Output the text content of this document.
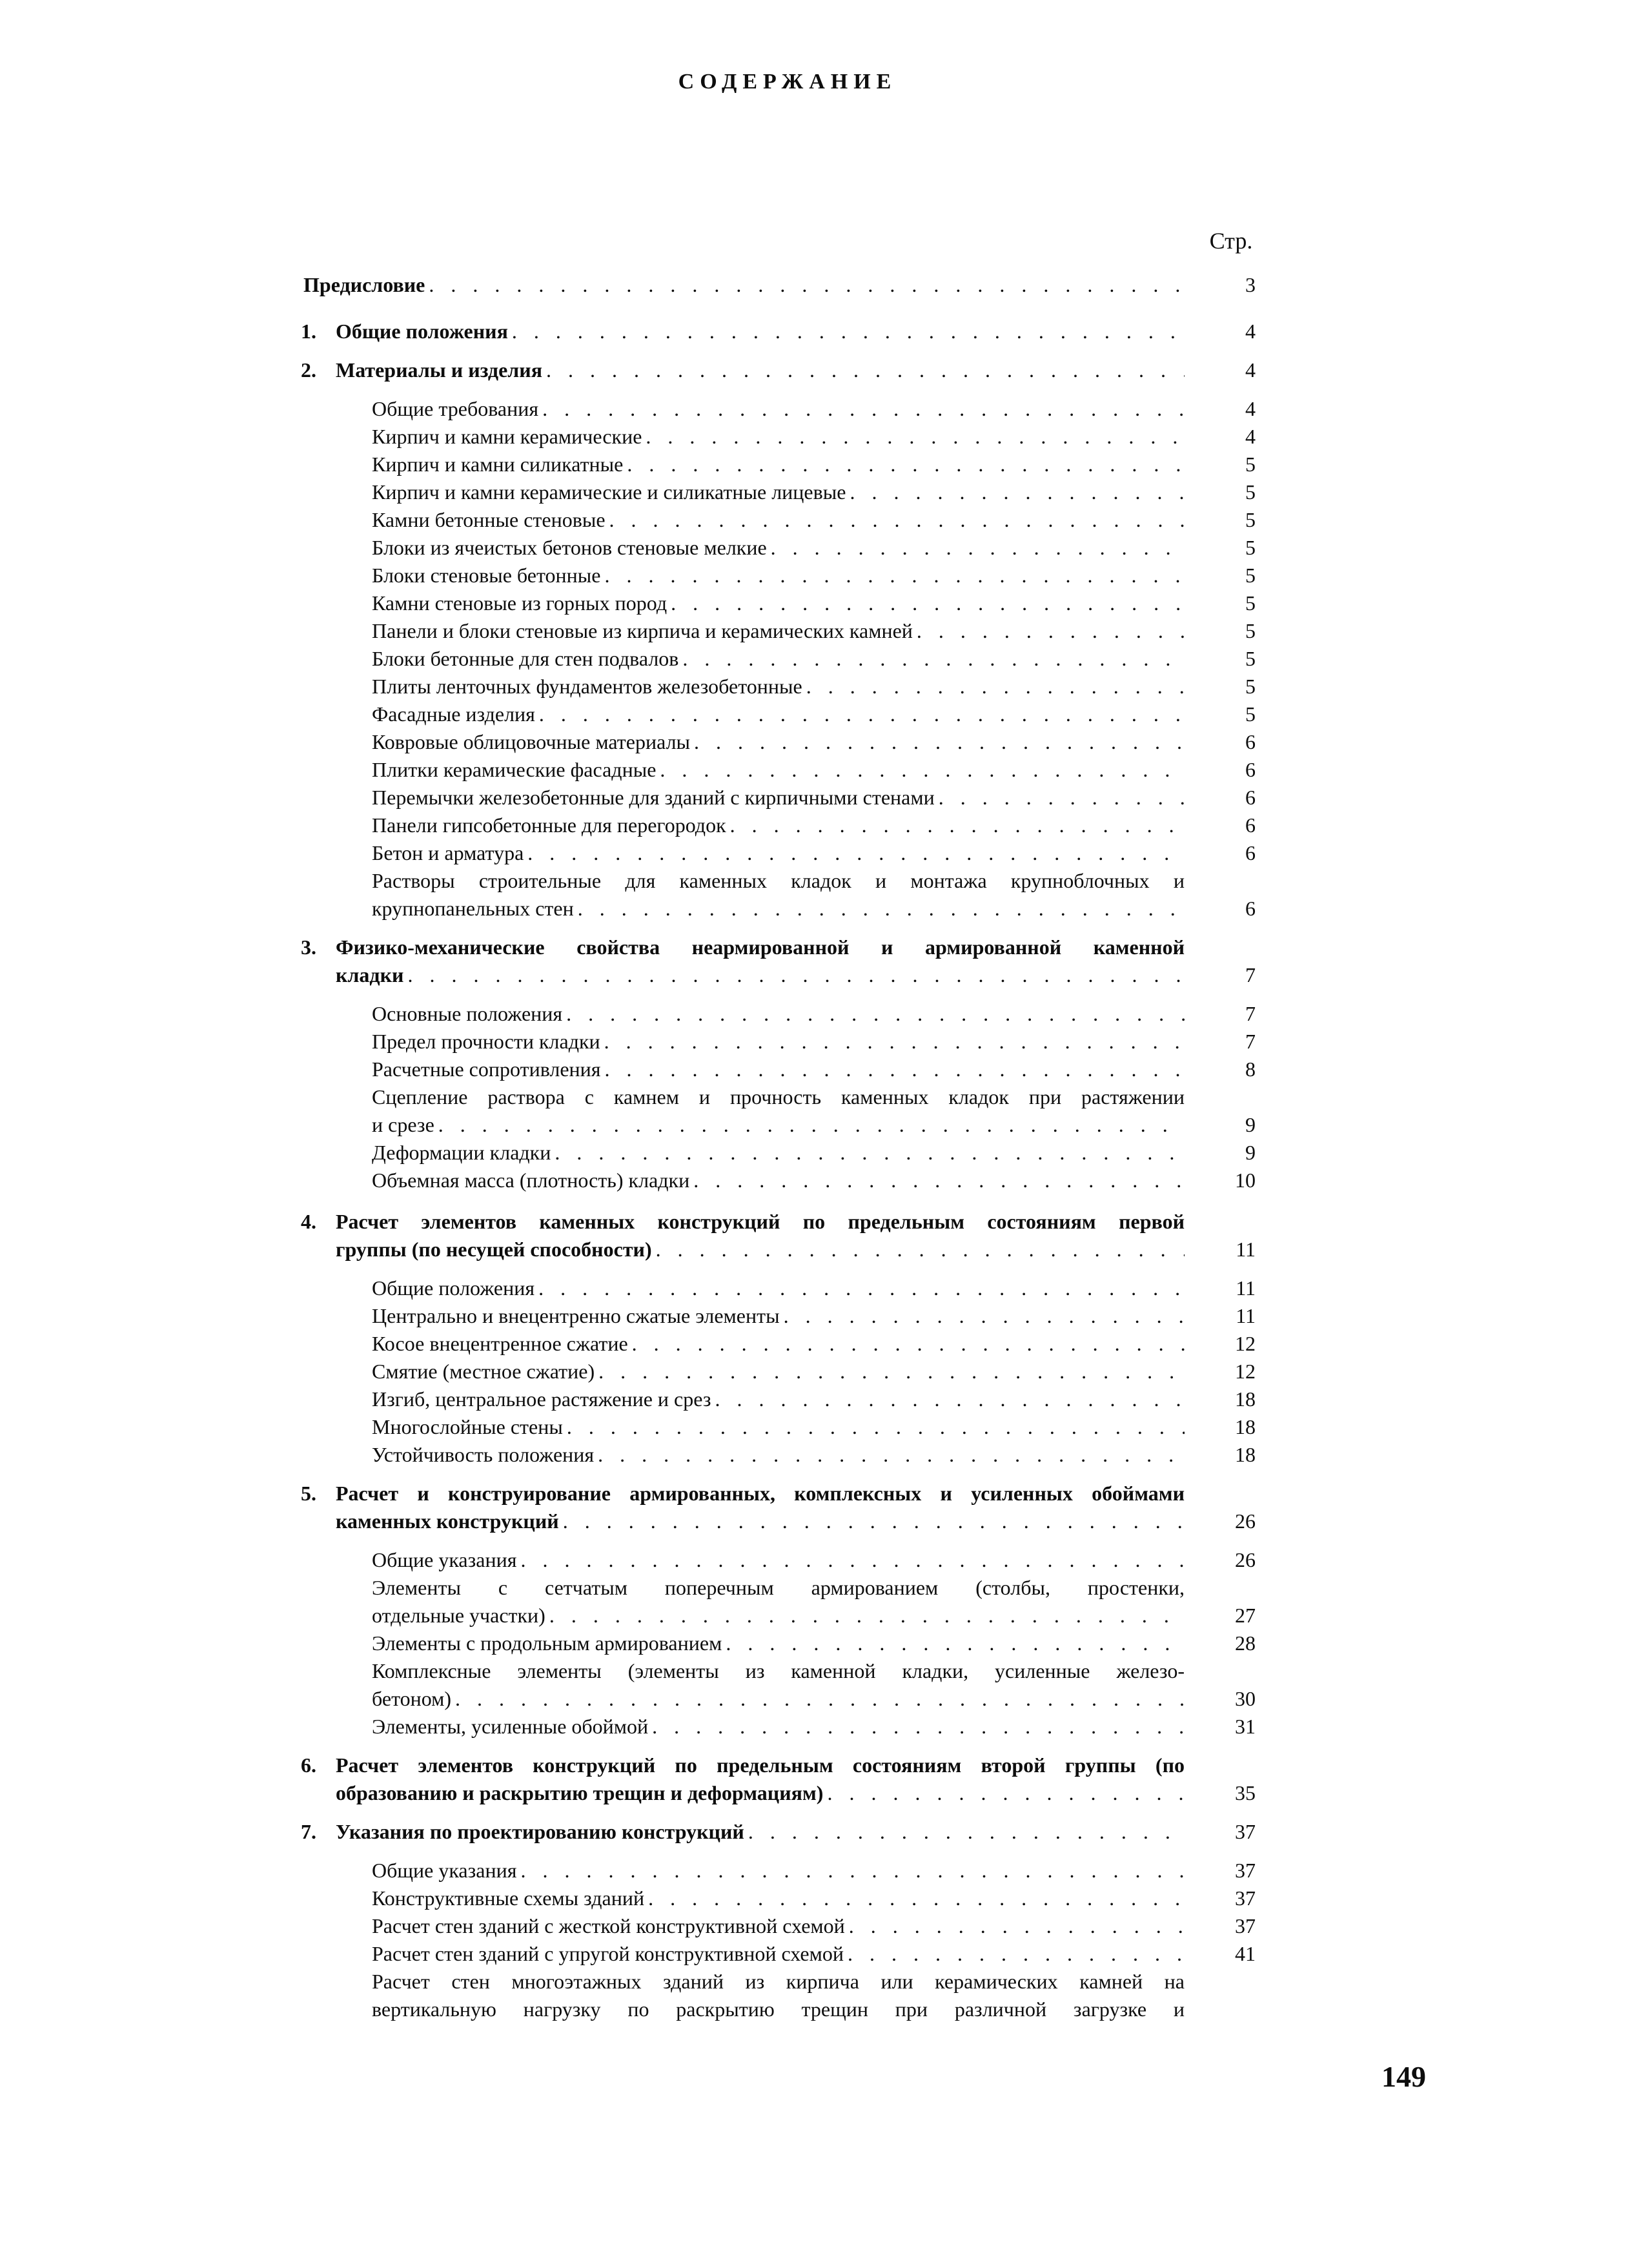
СОДЕРЖАНИЕ
Стр.
Предисловие . . .	3
1. Общие положения . . .	4
2. Материалы и изделия . . .	4
Общие требования . . .	4
Кирпич и камни керамические . . .	4
Кирпич и камни силикатные . . .	5
Кирпич и камни керамические и силикатные лицевые . . .	5
Камни бетонные стеновые . . .	5
Блоки из ячеистых бетонов стеновые мелкие . . .	5
Блоки стеновые бетонные . . .	5
Камни стеновые из горных пород . . .	5
Панели и блоки стеновые из кирпича и керамических камней . . .	5
Блоки бетонные для стен подвалов . . .	5
Плиты ленточных фундаментов железобетонные . . .	5
Фасадные изделия . . .	5
Ковровые облицовочные материалы . . .	6
Плитки керамические фасадные . . .	6
Перемычки железобетонные для зданий с кирпичными стенами . . .	6
Панели гипсобетонные для перегородок . . .	6
Бетон и арматура . . .	6
Растворы строительные для каменных кладок и монтажа крупноблочных и
крупнопанельных стен . . .	6
3. Физико-механические свойства неармированной и армированной каменной
кладки . . .	7
Основные положения . . .	7
Предел прочности кладки . . .	7
Расчетные сопротивления . . .	8
Сцепление раствора с камнем и прочность каменных кладок при растяжении
и срезе . . .	9
Деформации кладки . . .	9
Объемная масса (плотность) кладки . . .	10
4. Расчет элементов каменных конструкций по предельным состояниям первой
группы (по несущей способности) . . .	11
Общие положения . . .	11
Центрально и внецентренно сжатые элементы . . .	11
Косое внецентренное сжатие . . .	12
Смятие (местное сжатие) . . .	12
Изгиб, центральное растяжение и срез . . .	18
Многослойные стены . . .	18
Устойчивость положения . . .	18
5. Расчет и конструирование армированных, комплексных и усиленных обоймами
каменных конструкций . . .	26
Общие указания . . .	26
Элементы с сетчатым поперечным армированием (столбы, простенки,
отдельные участки) . . .	27
Элементы с продольным армированием . . .	28
Комплексные элементы (элементы из каменной кладки, усиленные железо-
бетоном) . . .	30
Элементы, усиленные обоймой . . .	31
6. Расчет элементов конструкций по предельным состояниям второй группы (по
образованию и раскрытию трещин и деформациям) . . .	35
7. Указания по проектированию конструкций . . .	37
Общие указания . . .	37
Конструктивные схемы зданий . . .	37
Расчет стен зданий с жесткой конструктивной схемой . . .	37
Расчет стен зданий с упругой конструктивной схемой . . .	41
Расчет стен многоэтажных зданий из кирпича или керамических камней на
вертикальную нагрузку по раскрытию трещин при различной загрузке и
149
